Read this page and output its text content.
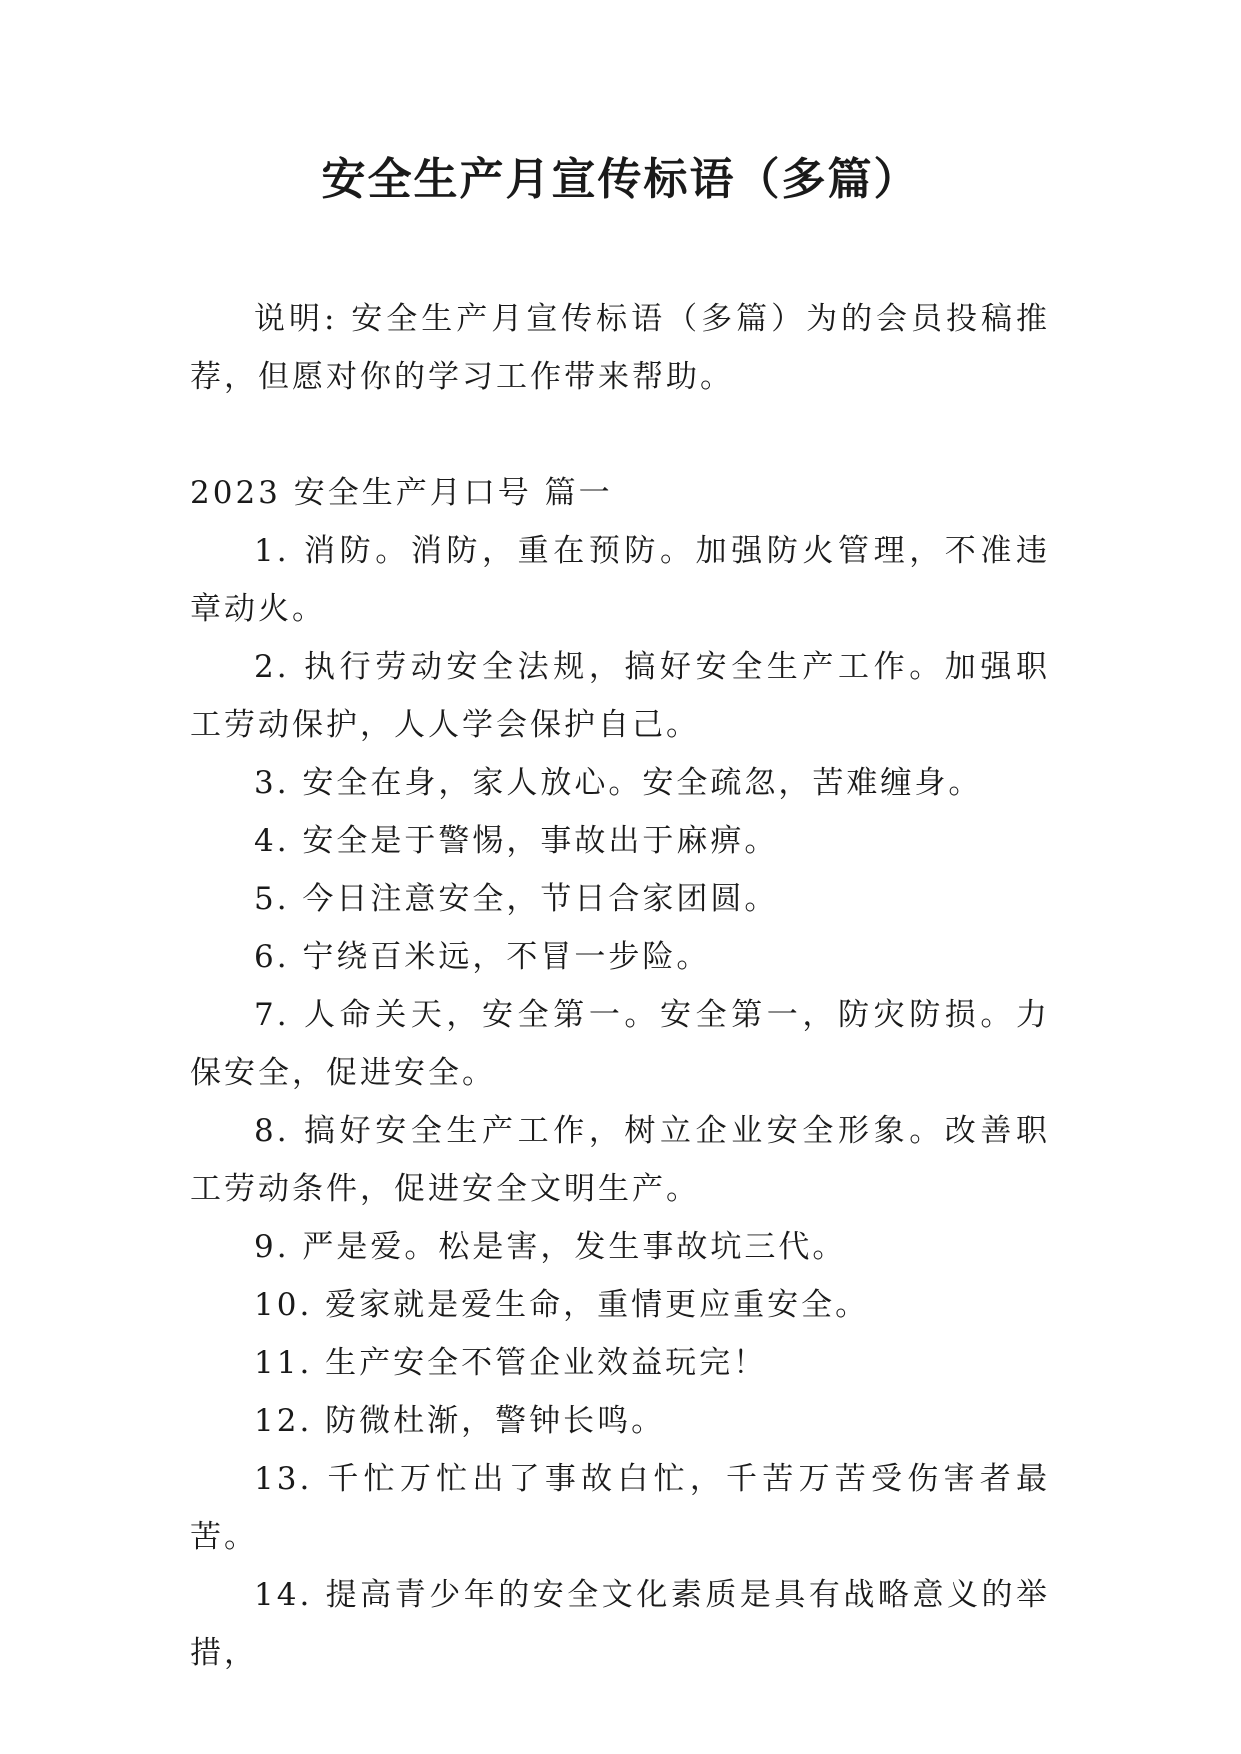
安全生产月宣传标语（多篇）

说明: 安全生产月宣传标语（多篇）为的会员投稿推荐，但愿对你的学习工作带来帮助。

2023 安全生产月口号 篇一

1. 消防。消防，重在预防。加强防火管理，不准违章动火。

2. 执行劳动安全法规，搞好安全生产工作。加强职工劳动保护，人人学会保护自己。

3. 安全在身，家人放心。安全疏忽，苦难缠身。

4. 安全是于警惕，事故出于麻痹。

5. 今日注意安全，节日合家团圆。

6. 宁绕百米远，不冒一步险。

7. 人命关天，安全第一。安全第一，防灾防损。力保安全，促进安全。

8. 搞好安全生产工作，树立企业安全形象。改善职工劳动条件，促进安全文明生产。

9. 严是爱。松是害，发生事故坑三代。

10. 爱家就是爱生命，重情更应重安全。

11. 生产安全不管企业效益玩完！

12. 防微杜渐，警钟长鸣。

13. 千忙万忙出了事故白忙，千苦万苦受伤害者最苦。

14. 提高青少年的安全文化素质是具有战略意义的举措，
